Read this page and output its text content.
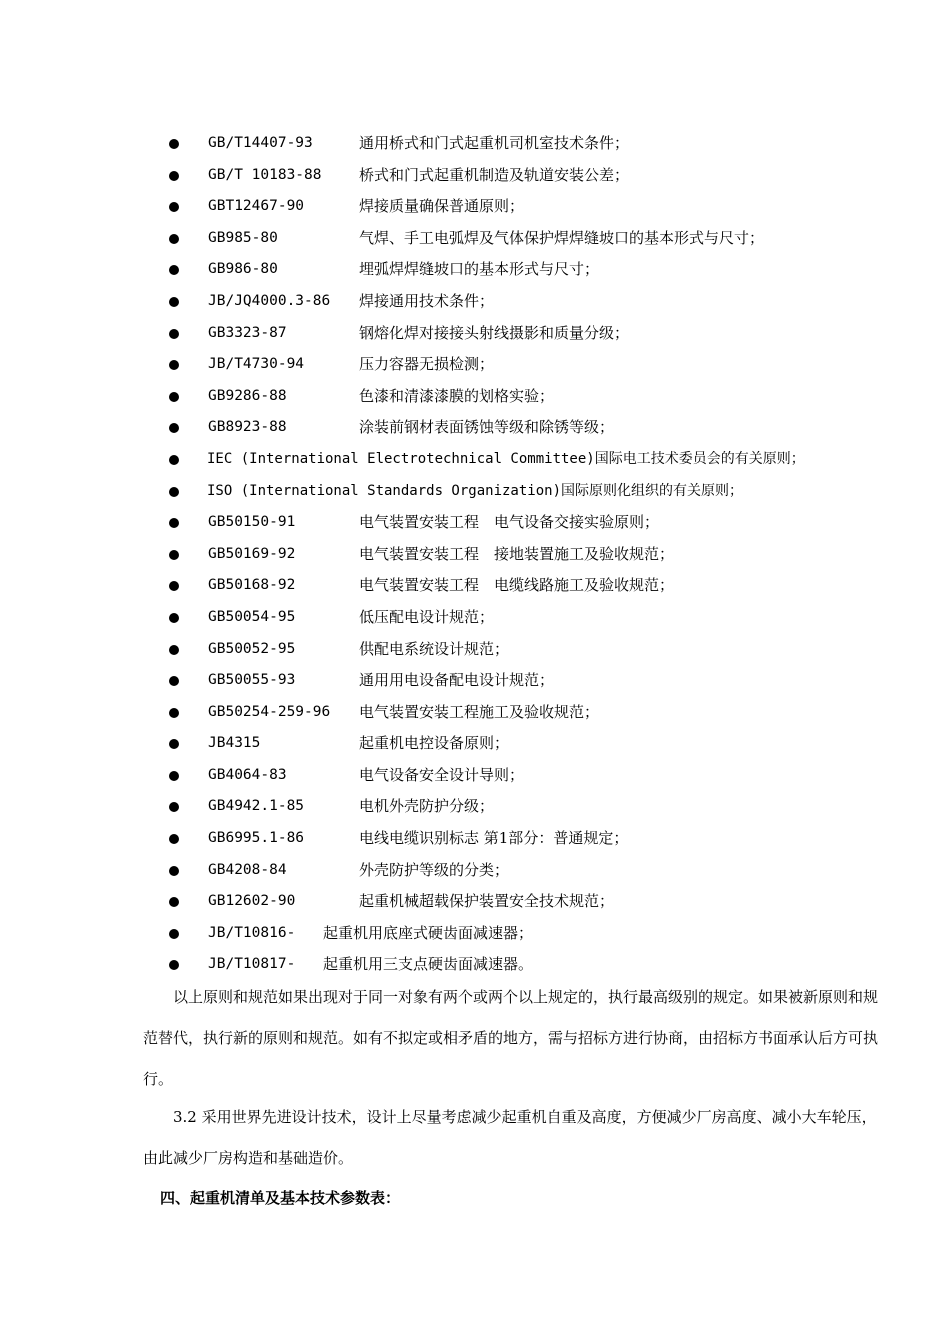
GB/T14407-93	通用桥式和门式起重机司机室技术条件；
GB/T 10183-88	桥式和门式起重机制造及轨道安装公差；
GBT12467-90	焊接质量确保普通原则；
GB985-80	气焊、手工电弧焊及气体保护焊焊缝坡口的基本形式与尺寸；
GB986-80	埋弧焊焊缝坡口的基本形式与尺寸；
JB/JQ4000.3-86 焊接通用技术条件；
GB3323-87	钢熔化焊对接接头射线摄影和质量分级；
JB/T4730-94	压力容器无损检测；
GB9286-88	色漆和清漆漆膜的划格实验；
GB8923-88	涂装前钢材表面锈蚀等级和除锈等级；
IEC (International Electrotechnical Committee)国际电工技术委员会的有关原则；
ISO (International Standards Organization)国际原则化组织的有关原则；
GB50150-91	电气装置安装工程　电气设备交接实验原则；
GB50169-92	电气装置安装工程　接地装置施工及验收规范；
GB50168-92	电气装置安装工程　电缆线路施工及验收规范；
GB50054-95	低压配电设计规范；
GB50052-95	供配电系统设计规范；
GB50055-93	通用用电设备配电设计规范；
GB50254-259-96 电气装置安装工程施工及验收规范；
JB4315	起重机电控设备原则；
GB4064-83	电气设备安全设计导则；
GB4942.1-85	电机外壳防护分级；
GB6995.1-86	电线电缆识别标志 第1部分：普通规定；
GB4208-84	外壳防护等级的分类；
GB12602-90	起重机械超载保护装置安全技术规范；
JB/T10816- 起重机用底座式硬齿面减速器；
JB/T10817- 起重机用三支点硬齿面减速器。

以上原则和规范如果出现对于同一对象有两个或两个以上规定的，执行最高级别的规定。如果被新原则和规范替代，执行新的原则和规范。如有不拟定或相矛盾的地方，需与招标方进行协商，由招标方书面承认后方可执行。

3.2 采用世界先进设计技术，设计上尽量考虑减少起重机自重及高度，方便减少厂房高度、减小大车轮压，由此减少厂房构造和基础造价。

四、起重机清单及基本技术参数表：
